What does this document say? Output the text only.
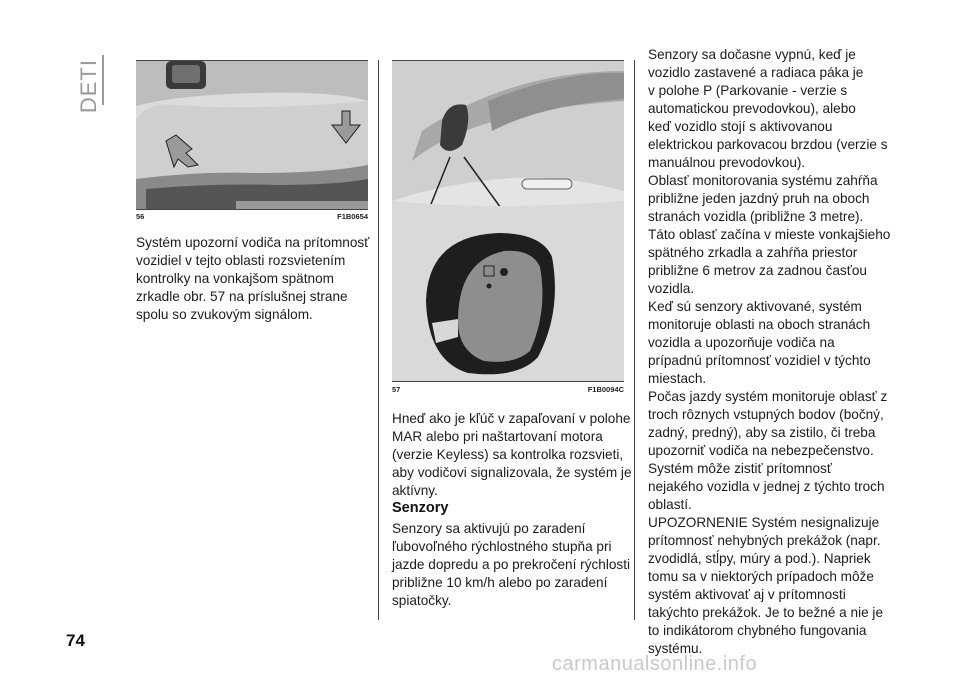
DETI
56	F1B0654

Systém upozorní vodiča na prítomnosť
vozidiel v tejto oblasti rozsvietením
kontrolky na vonkajšom spätnom
zrkadle obr. 57 na príslušnej strane
spolu so zvukovým signálom.

57	F1B0094C

Hneď ako je kľúč v zapaľovaní v polohe
MAR alebo pri naštartovaní motora
(verzie Keyless) sa kontrolka rozsvieti,
aby vodičovi signalizovala, že systém je
aktívny.

Senzory

Senzory sa aktivujú po zaradení
ľubovoľného rýchlostného stupňa pri
jazde dopredu a po prekročení rýchlosti
približne 10 km/h alebo po zaradení
spiatočky.

Senzory sa dočasne vypnú, keď je
vozidlo zastavené a radiaca páka je
v polohe P (Parkovanie - verzie s
automatickou prevodovkou), alebo
keď vozidlo stojí s aktivovanou
elektrickou parkovacou brzdou (verzie s
manuálnou prevodovkou).

Oblasť monitorovania systému zahŕňa
približne jeden jazdný pruh na oboch
stranách vozidla (približne 3 metre).

Táto oblasť začína v mieste vonkajšieho
spätného zrkadla a zahŕňa priestor
približne 6 metrov za zadnou časťou
vozidla.

Keď sú senzory aktivované, systém
monitoruje oblasti na oboch stranách
vozidla a upozorňuje vodiča na
prípadnú prítomnosť vozidiel v týchto
miestach.

Počas jazdy systém monitoruje oblasť z
troch rôznych vstupných bodov (bočný,
zadný, predný), aby sa zistilo, či treba
upozorniť vodiča na nebezpečenstvo.

Systém môže zistiť prítomnosť
nejakého vozidla v jednej z týchto troch
oblastí.

UPOZORNENIE Systém nesignalizuje
prítomnosť nehybných prekážok (napr.
zvodidlá, stĺpy, múry a pod.). Napriek
tomu sa v niektorých prípadoch môže
systém aktivovať aj v prítomnosti
takýchto prekážok. Je to bežné a nie je
to indikátorom chybného fungovania
systému.

74
carmanualsonline.info
